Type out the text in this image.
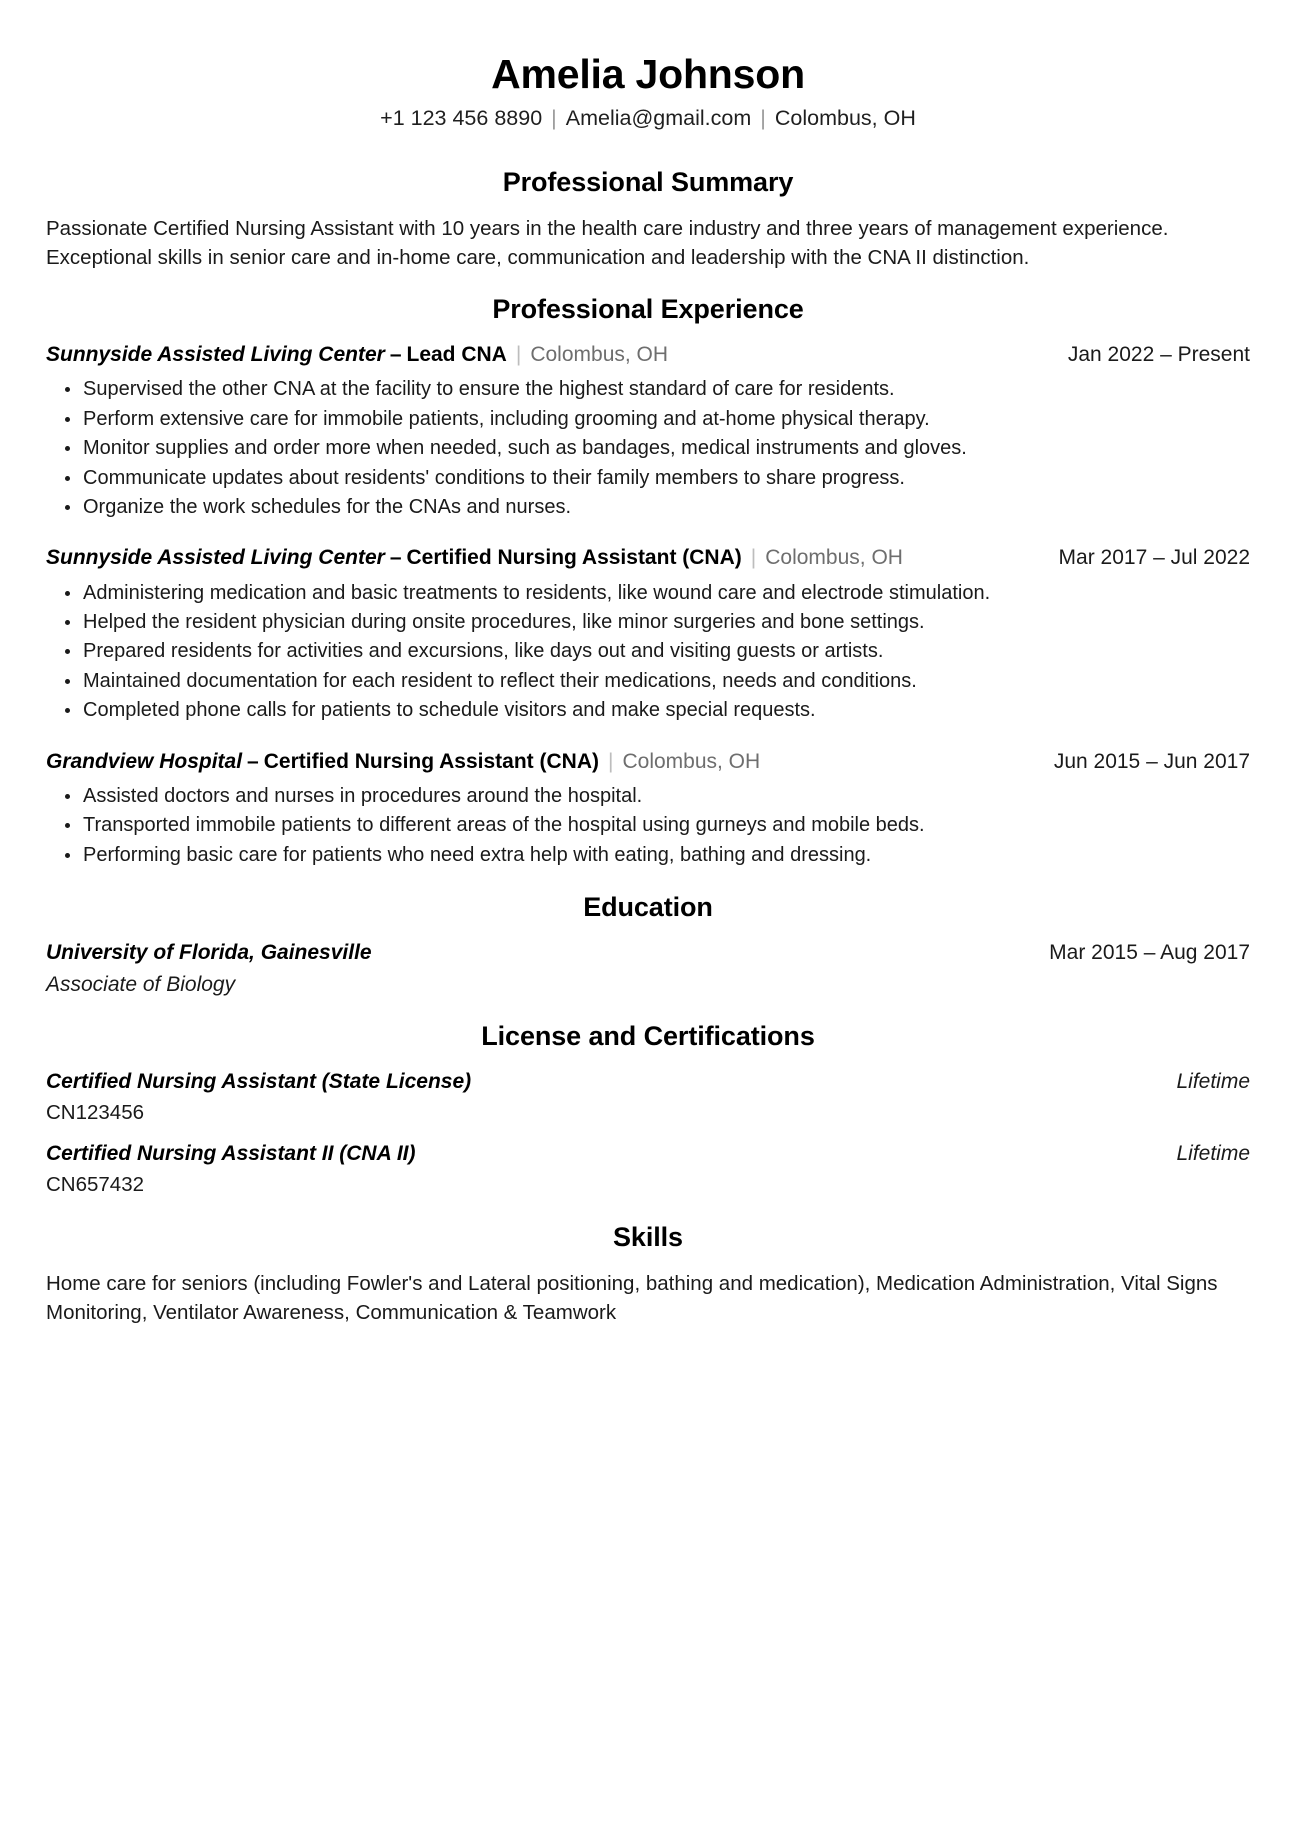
Amelia Johnson
+1 123 456 8890 | Amelia@gmail.com | Colombus, OH
Professional Summary

Passionate Certified Nursing Assistant with 10 years in the health care industry and three years of management experience. Exceptional skills in senior care and in-home care, communication and leadership with the CNA II distinction.

Professional Experience
Sunnyside Assisted Living Center – Lead CNA | Colombus, OH	Jan 2022 – Present
Supervised the other CNA at the facility to ensure the highest standard of care for residents.
Perform extensive care for immobile patients, including grooming and at-home physical therapy.
Monitor supplies and order more when needed, such as bandages, medical instruments and gloves.
Communicate updates about residents' conditions to their family members to share progress.
Organize the work schedules for the CNAs and nurses.
Sunnyside Assisted Living Center – Certified Nursing Assistant (CNA) | Colombus, OH	Mar 2017 – Jul 2022
Administering medication and basic treatments to residents, like wound care and electrode stimulation.
Helped the resident physician during onsite procedures, like minor surgeries and bone settings.
Prepared residents for activities and excursions, like days out and visiting guests or artists.
Maintained documentation for each resident to reflect their medications, needs and conditions.
Completed phone calls for patients to schedule visitors and make special requests.
Grandview Hospital – Certified Nursing Assistant (CNA) | Colombus, OH	Jun 2015 – Jun 2017
Assisted doctors and nurses in procedures around the hospital.
Transported immobile patients to different areas of the hospital using gurneys and mobile beds.
Performing basic care for patients who need extra help with eating, bathing and dressing.
Education
University of Florida, Gainesville	Mar 2015 – Aug 2017
Associate of Biology
License and Certifications
Certified Nursing Assistant (State License)	Lifetime
CN123456
Certified Nursing Assistant II (CNA II)	Lifetime
CN657432
Skills

Home care for seniors (including Fowler's and Lateral positioning, bathing and medication), Medication Administration, Vital Signs Monitoring, Ventilator Awareness, Communication & Teamwork
